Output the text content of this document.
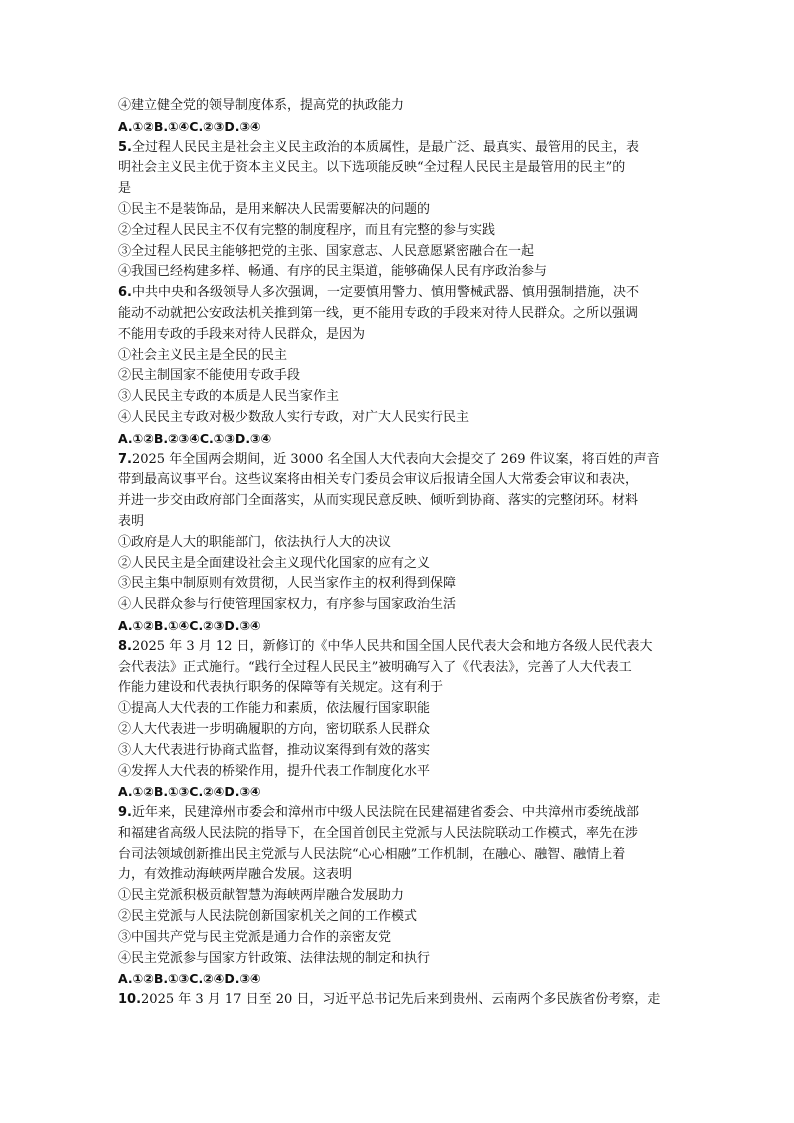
④建立健全党的领导制度体系，提高党的执政能力
A.①②B.①④C.②③D.③④
5.全过程人民民主是社会主义民主政治的本质属性，是最广泛、最真实、最管用的民主，表
明社会主义民主优于资本主义民主。以下选项能反映“全过程人民民主是最管用的民主”的
是
①民主不是装饰品，是用来解决人民需要解决的问题的
②全过程人民民主不仅有完整的制度程序，而且有完整的参与实践
③全过程人民民主能够把党的主张、国家意志、人民意愿紧密融合在一起
④我国已经构建多样、畅通、有序的民主渠道，能够确保人民有序政治参与
6.中共中央和各级领导人多次强调，一定要慎用警力、慎用警械武器、慎用强制措施，决不
能动不动就把公安政法机关推到第一线，更不能用专政的手段来对待人民群众。之所以强调
不能用专政的手段来对待人民群众，是因为
①社会主义民主是全民的民主
②民主制国家不能使用专政手段
③人民民主专政的本质是人民当家作主
④人民民主专政对极少数敌人实行专政，对广大人民实行民主
A.①②B.②③④C.①③D.③④
7.2025 年全国两会期间，近 3000 名全国人大代表向大会提交了 269 件议案，将百姓的声音
带到最高议事平台。这些议案将由相关专门委员会审议后报请全国人大常委会审议和表决，
并进一步交由政府部门全面落实，从而实现民意反映、倾听到协商、落实的完整闭环。材料
表明
①政府是人大的职能部门，依法执行人大的决议
②人民民主是全面建设社会主义现代化国家的应有之义
③民主集中制原则有效贯彻，人民当家作主的权利得到保障
④人民群众参与行使管理国家权力，有序参与国家政治生活
A.①②B.①④C.②③D.③④
8.2025 年 3 月 12 日，新修订的《中华人民共和国全国人民代表大会和地方各级人民代表大
会代表法》正式施行。“践行全过程人民民主”被明确写入了《代表法》，完善了人大代表工
作能力建设和代表执行职务的保障等有关规定。这有利于
①提高人大代表的工作能力和素质，依法履行国家职能
②人大代表进一步明确履职的方向，密切联系人民群众
③人大代表进行协商式监督，推动议案得到有效的落实
④发挥人大代表的桥梁作用，提升代表工作制度化水平
A.①②B.①③C.②④D.③④
9.近年来，民建漳州市委会和漳州市中级人民法院在民建福建省委会、中共漳州市委统战部
和福建省高级人民法院的指导下，在全国首创民主党派与人民法院联动工作模式，率先在涉
台司法领域创新推出民主党派与人民法院“心心相融”工作机制，在融心、融智、融情上着
力，有效推动海峡两岸融合发展。这表明
①民主党派积极贡献智慧为海峡两岸融合发展助力
②民主党派与人民法院创新国家机关之间的工作模式
③中国共产党与民主党派是通力合作的亲密友党
④民主党派参与国家方针政策、法律法规的制定和执行
A.①②B.①③C.②④D.③④
10.2025 年 3 月 17 日至 20 日，习近平总书记先后来到贵州、云南两个多民族省份考察，走
